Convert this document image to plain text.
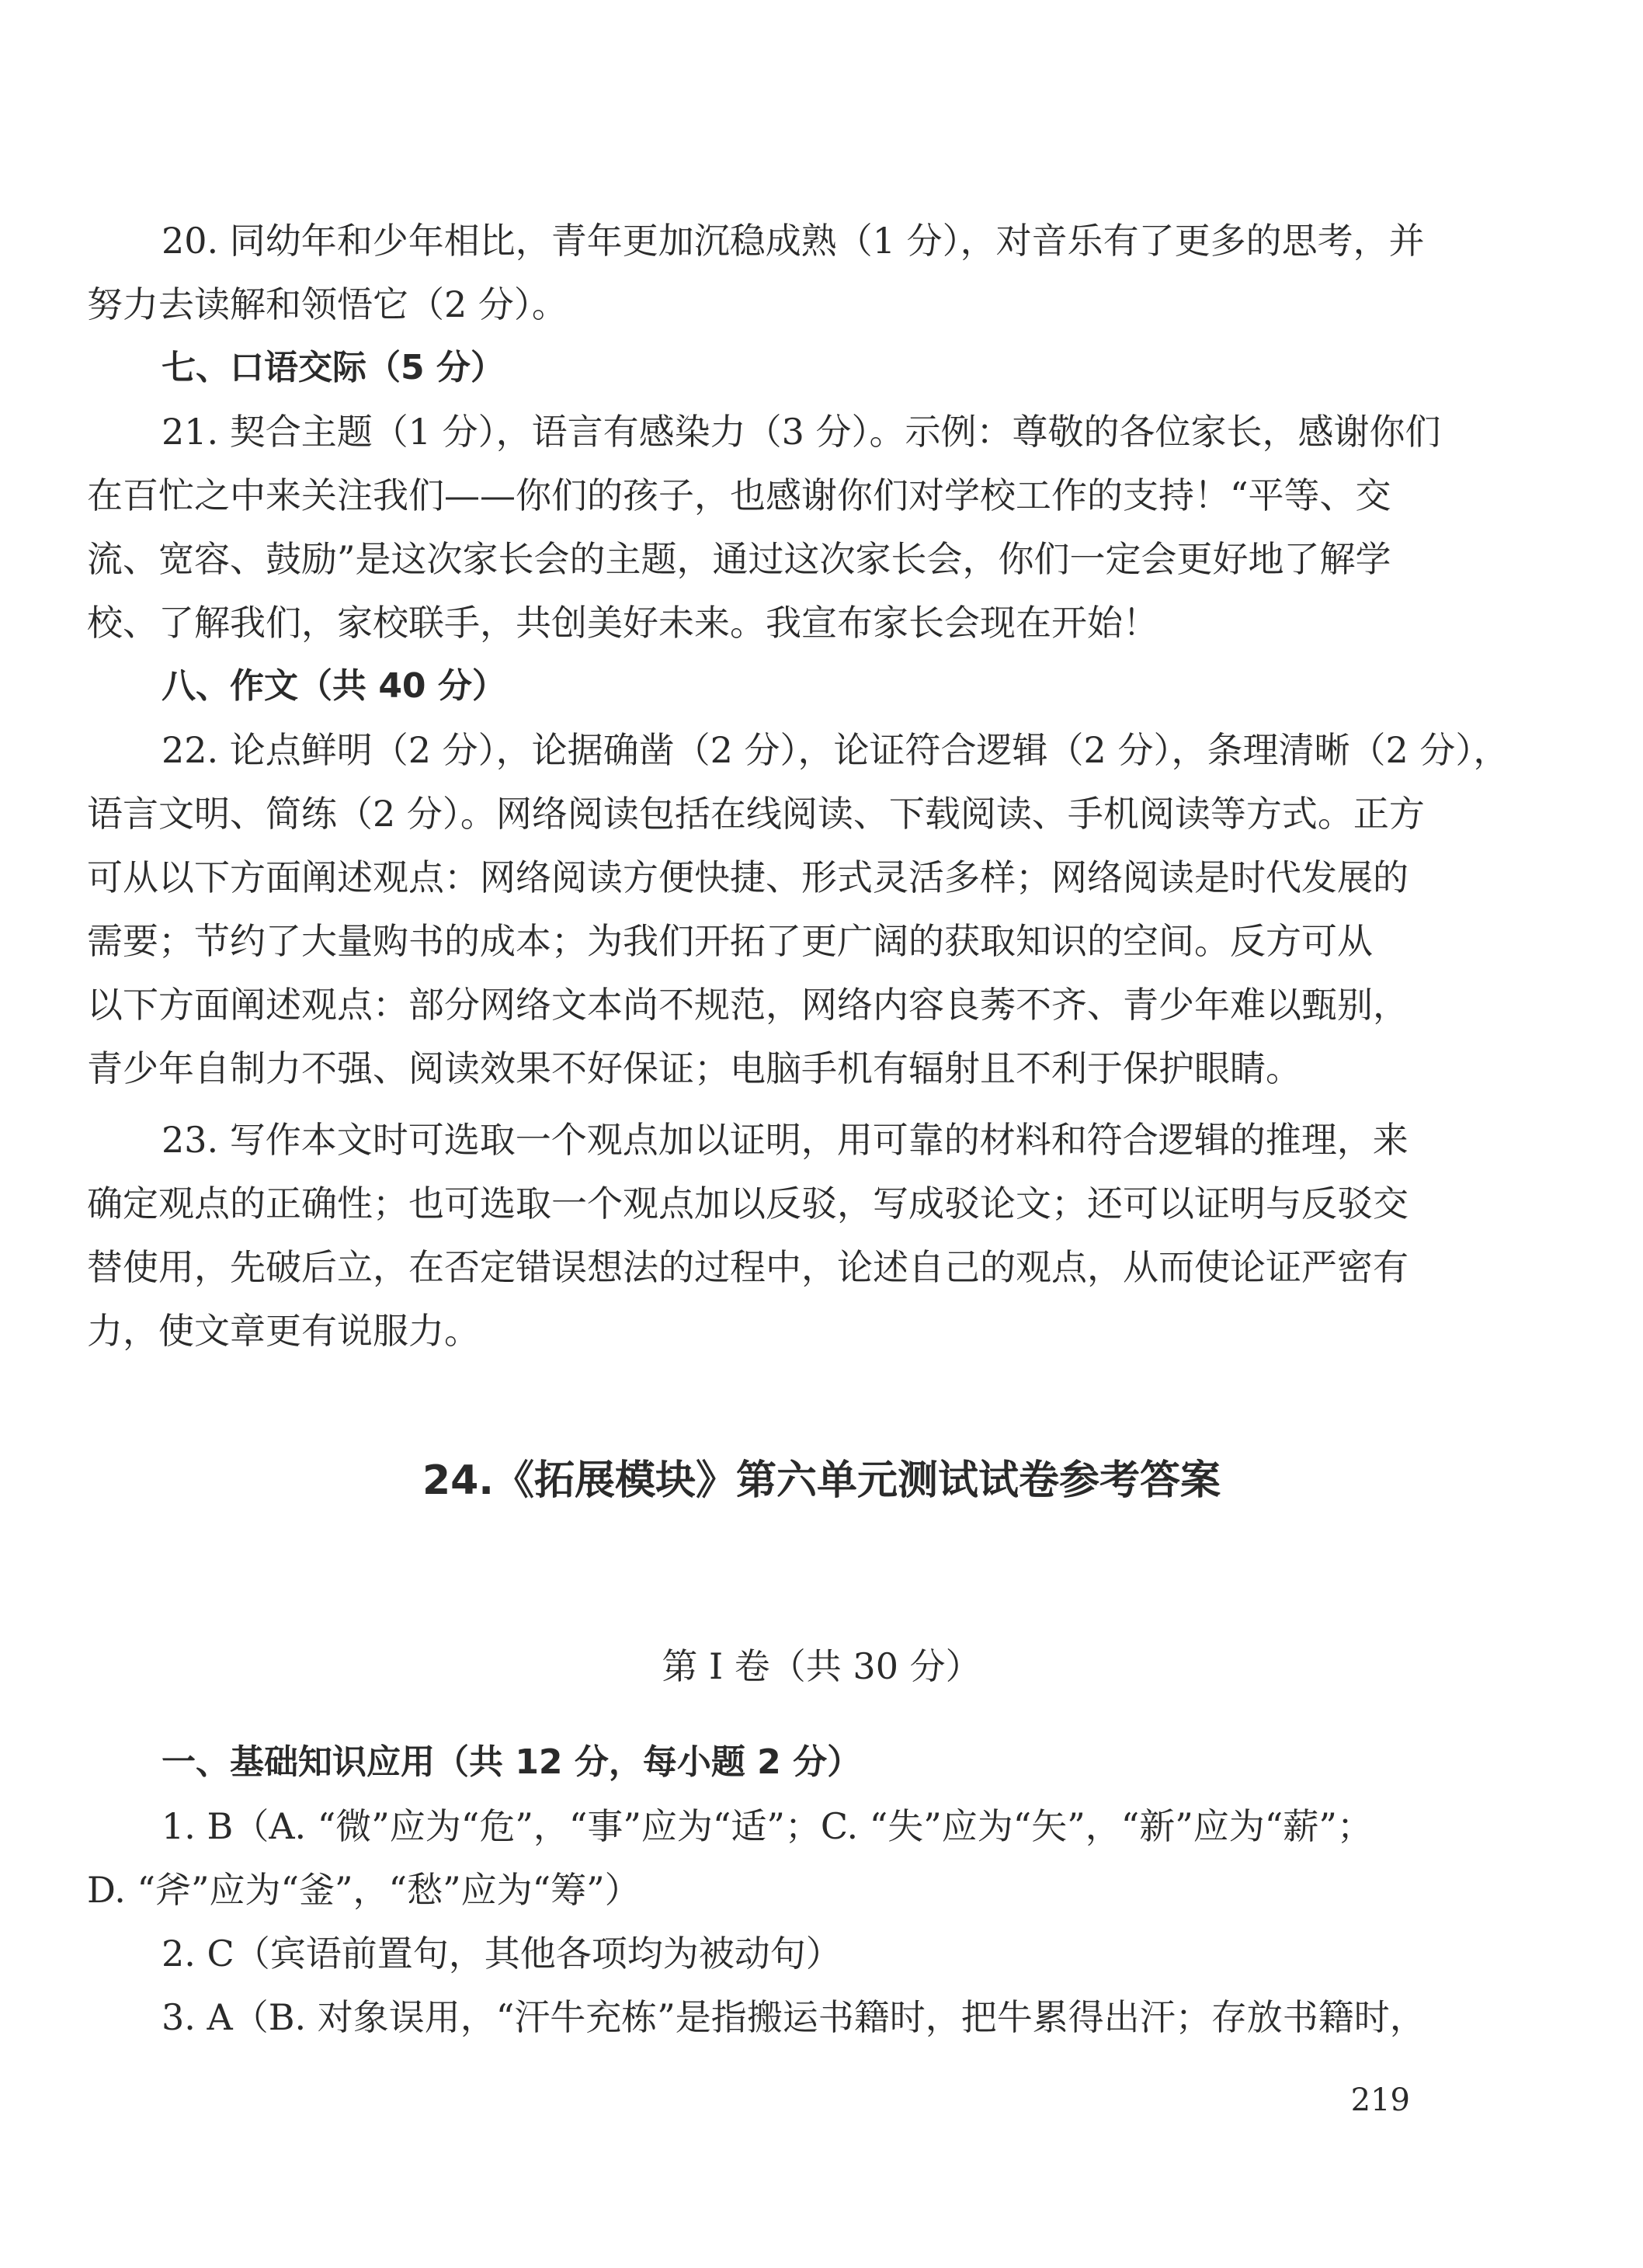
20. 同幼年和少年相比，青年更加沉稳成熟（1 分），对音乐有了更多的思考，并
努力去读解和领悟它（2 分）。
七、口语交际（5 分）
21. 契合主题（1 分），语言有感染力（3 分）。示例：尊敬的各位家长，感谢你们
在百忙之中来关注我们——你们的孩子，也感谢你们对学校工作的支持！“平等、交
流、宽容、鼓励”是这次家长会的主题，通过这次家长会，你们一定会更好地了解学
校、了解我们，家校联手，共创美好未来。我宣布家长会现在开始！
八、作文（共 40 分）
22. 论点鲜明（2 分），论据确凿（2 分），论证符合逻辑（2 分），条理清晰（2 分），
语言文明、简练（2 分）。网络阅读包括在线阅读、下载阅读、手机阅读等方式。正方
可从以下方面阐述观点：网络阅读方便快捷、形式灵活多样；网络阅读是时代发展的
需要；节约了大量购书的成本；为我们开拓了更广阔的获取知识的空间。反方可从
以下方面阐述观点：部分网络文本尚不规范，网络内容良莠不齐、青少年难以甄别，
青少年自制力不强、阅读效果不好保证；电脑手机有辐射且不利于保护眼睛。
23. 写作本文时可选取一个观点加以证明，用可靠的材料和符合逻辑的推理，来
确定观点的正确性；也可选取一个观点加以反驳，写成驳论文；还可以证明与反驳交
替使用，先破后立，在否定错误想法的过程中，论述自己的观点，从而使论证严密有
力，使文章更有说服力。
24.《拓展模块》第六单元测试试卷参考答案
第 Ⅰ 卷（共 30 分）
一、基础知识应用（共 12 分，每小题 2 分）
1. B（A. “微”应为“危”，“事”应为“适”；C. “失”应为“矢”，“新”应为“薪”；
D. “斧”应为“釜”，“愁”应为“筹”）
2. C（宾语前置句，其他各项均为被动句）
3. A（B. 对象误用，“汗牛充栋”是指搬运书籍时，把牛累得出汗；存放书籍时，
219
